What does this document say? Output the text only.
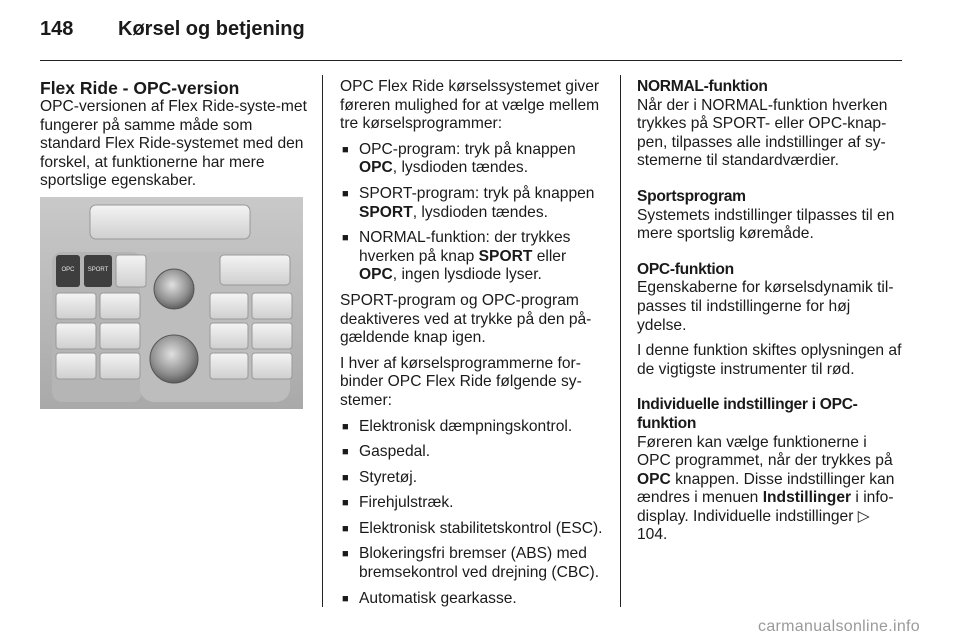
148 Kørsel og betjening
Flex Ride - OPC-version

OPC-versionen af Flex Ride-syste-met fungerer på samme måde som standard Flex Ride-systemet med den forskel, at funktionerne har mere sportslige egenskaber.

OPC SPORT

OPC Flex Ride kørselssystemet giver føreren mulighed for at vælge mellem tre kørselsprogrammer:

■ OPC-program: tryk på knappen OPC, lysdioden tændes.
■ SPORT-program: tryk på knappen SPORT, lysdioden tændes.
■ NORMAL-funktion: der trykkes hverken på knap SPORT eller OPC, ingen lysdiode lyser.

SPORT-program og OPC-program deaktiveres ved at trykke på den på-gældende knap igen.

I hver af kørselsprogrammerne for-binder OPC Flex Ride følgende sy-stemer:

■ Elektronisk dæmpningskontrol.
■ Gaspedal.
■ Styretøj.
■ Firehjulstræk.
■ Elektronisk stabilitetskontrol (ESC).
■ Blokeringsfri bremser (ABS) med bremsekontrol ved drejning (CBC).
■ Automatisk gearkasse.
NORMAL-funktion

Når der i NORMAL-funktion hverken trykkes på SPORT- eller OPC-knap-pen, tilpasses alle indstillinger af sy-stemerne til standardværdier.

Sportsprogram

Systemets indstillinger tilpasses til en mere sportslig køremåde.

OPC-funktion

Egenskaberne for kørselsdynamik til-passes til indstillingerne for høj ydelse.

I denne funktion skiftes oplysningen af de vigtigste instrumenter til rød.

Individuelle indstillinger i OPC-funktion

Føreren kan vælge funktionerne i OPC programmet, når der trykkes på OPC knappen. Disse indstillinger kan ændres i menuen Indstillinger i info-display. Individuelle indstillinger ▷ 104.

carmanualsonline.info
